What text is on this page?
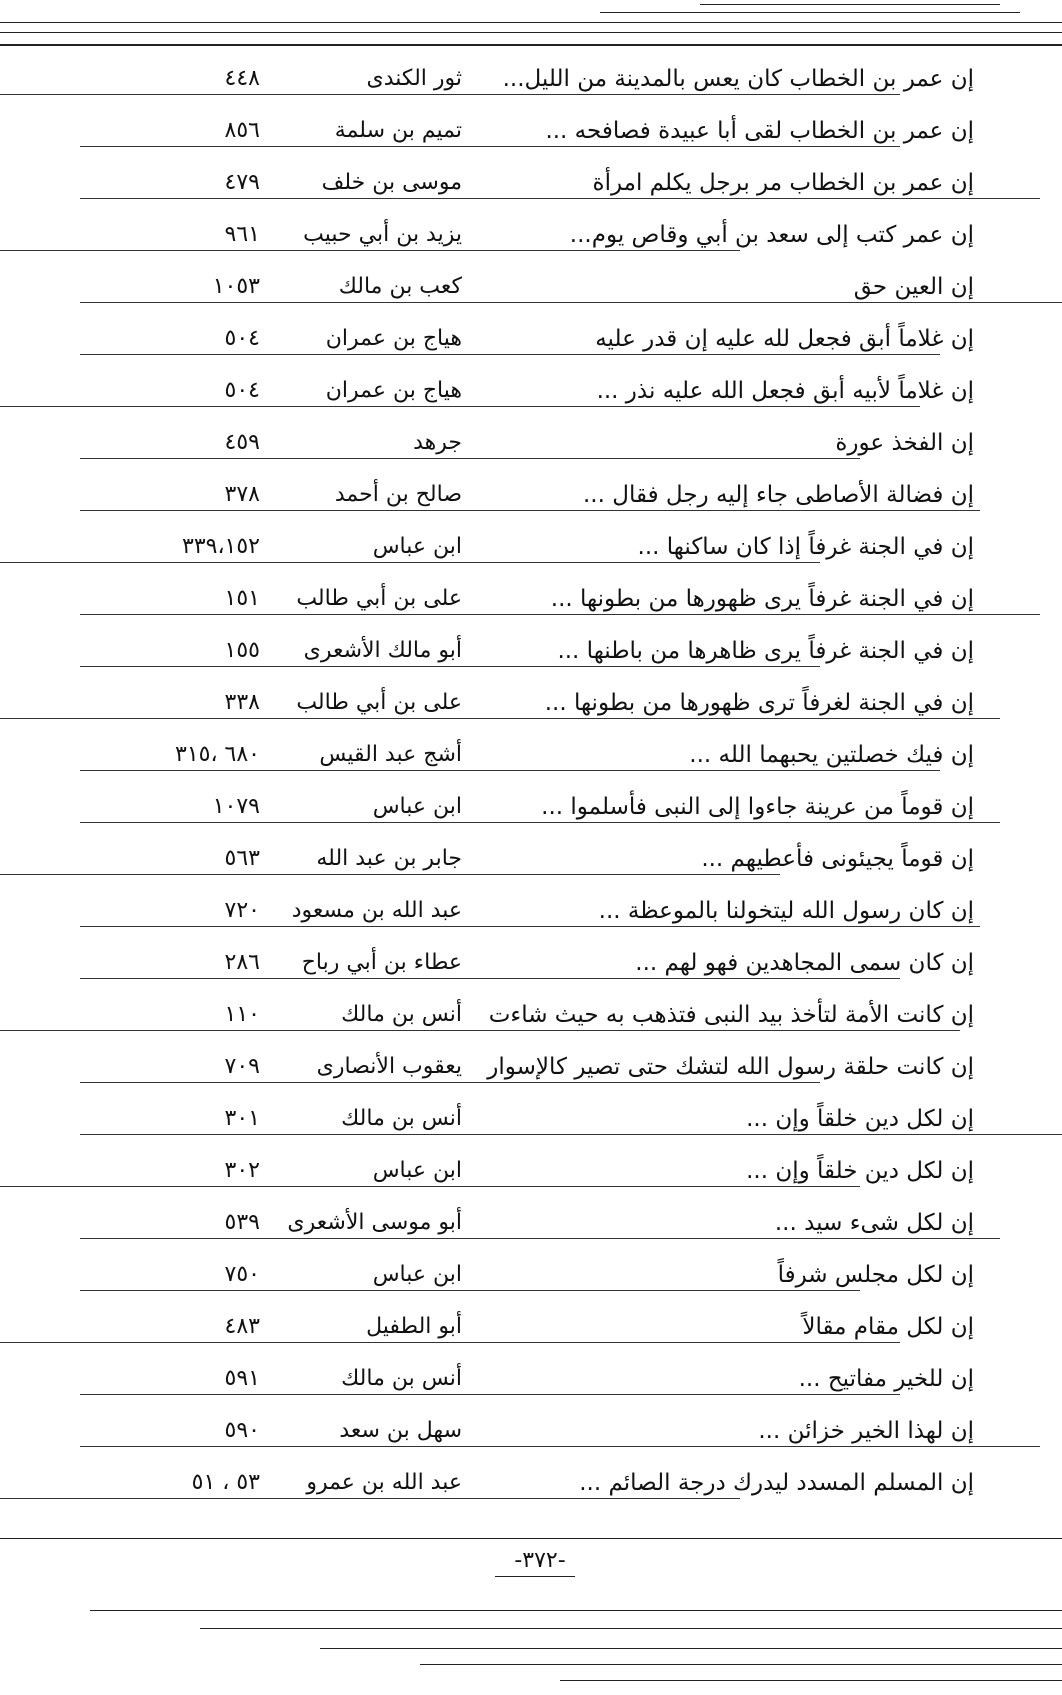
إن عمر بن الخطاب كان يعس بالمدينة من الليل...
ثور الكندى
٤٤٨
إن عمر بن الخطاب لقى أبا عبيدة فصافحه ...
تميم بن سلمة
٨٥٦
إن عمر بن الخطاب مر برجل يكلم امرأة
موسى بن خلف
٤٧٩
إن عمر كتب إلى سعد بن أبي وقاص يوم...
يزيد بن أبي حبيب
٩٦١
إن العين حق
كعب بن مالك
١٠٥٣
إن غلاماً أبق فجعل لله عليه إن قدر عليه
هياج بن عمران
٥٠٤
إن غلاماً لأبيه أبق فجعل الله عليه نذر ...
هياج بن عمران
٥٠٤
إن الفخذ عورة
جرهد
٤٥٩
إن فضالة الأصاطى جاء إليه رجل فقال ...
صالح بن أحمد
٣٧٨
إن في الجنة غرفاً إذا كان ساكنها ...
ابن عباس
٣٣٩،١٥٢
إن في الجنة غرفاً يرى ظهورها من بطونها ...
على بن أبي طالب
١٥١
إن في الجنة غرفاً يرى ظاهرها من باطنها ...
أبو مالك الأشعرى
١٥٥
إن في الجنة لغرفاً ترى ظهورها من بطونها ...
على بن أبي طالب
٣٣٨
إن فيك خصلتين يحبهما الله ...
أشج عبد القيس
٦٨٠ ،٣١٥
إن قوماً من عرينة جاءوا إلى النبى فأسلموا ...
ابن عباس
١٠٧٩
إن قوماً يجيئونى فأعطيهم ...
جابر بن عبد الله
٥٦٣
إن كان رسول الله ليتخولنا بالموعظة ...
عبد الله بن مسعود
٧٢٠
إن كان سمى المجاهدين فهو لهم ...
عطاء بن أبي رباح
٢٨٦
إن كانت الأمة لتأخذ بيد النبى فتذهب به حيث شاءت
أنس بن مالك
١١٠
إن كانت حلقة رسول الله لتشك حتى تصير كالإسوار
يعقوب الأنصارى
٧٠٩
إن لكل دين خلقاً وإن ...
أنس بن مالك
٣٠١
إن لكل دين خلقاً وإن ...
ابن عباس
٣٠٢
إن لكل شىء سيد ...
أبو موسى الأشعرى
٥٣٩
إن لكل مجلس شرفاً
ابن عباس
٧٥٠
إن لكل مقام مقالاً
أبو الطفيل
٤٨٣
إن للخير مفاتيح ...
أنس بن مالك
٥٩١
إن لهذا الخير خزائن ...
سهل بن سعد
٥٩٠
إن المسلم المسدد ليدرك درجة الصائم ...
عبد الله بن عمرو
٥٣ ، ٥١
-٣٧٢-
